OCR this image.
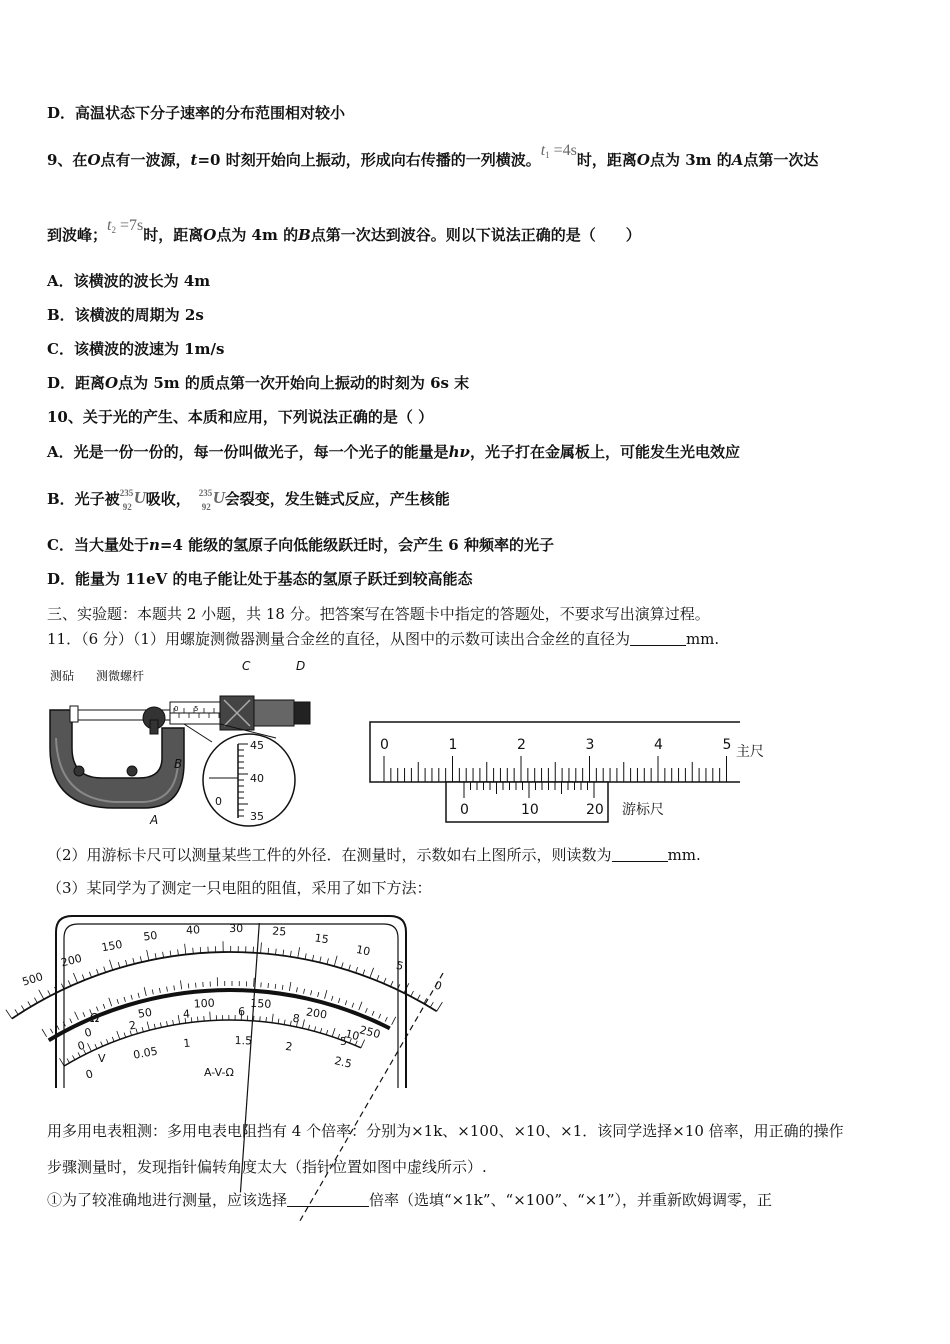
D．高温状态下分子速率的分布范围相对较小
9、在O点有一波源，t=0 时刻开始向上振动，形成向右传播的一列横波。$t_1 =4s$时，距离O点为 3m 的A点第一次达
到波峰；$t_2 =7s$时，距离O点为 4m 的B点第一次达到波谷。则以下说法正确的是（　　）
A．该横波的波长为 4m
B．该横波的周期为 2s
C．该横波的波速为 1m/s
D．距离O点为 5m 的质点第一次开始向上振动的时刻为 6s 末
10、关于光的产生、本质和应用，下列说法正确的是（ ）
A．光是一份一份的，每一份叫做光子，每一个光子的能量是hν，光子打在金属板上，可能发生光电效应
B．光子被 235
92 U 吸收， 235
92 U 会裂变，发生链式反应，产生核能
C．当大量处于n=4 能级的氢原子向低能级跃迁时，会产生 6 种频率的光子
D．能量为 11eV 的电子能让处于基态的氢原子跃迁到较高能态
三、实验题：本题共 2 小题，共 18 分。把答案写在答题卡中指定的答题处，不要求写出演算过程。
11．（6 分）（1）用螺旋测微器测量合金丝的直径，从图中的示数可读出合金丝的直径为	mm.
测砧 测微螺杆
C	D
B
A
0 5
45
40
35
0
0	1	2	3	4	5
0	10	20
主尺
游标尺
（2）用游标卡尺可以测量某些工件的外径．在测量时，示数如右上图所示，则读数为	mm.
（3）某同学为了测定一只电阻的阻值，采用了如下方法：
500
200
150
50	40	30	25
15
10
5
0
0
50
100	150
200
250
0
2
4	6	8
10
0
0.05
1	1.5	2
2.5
Ω
V
5
A-V-Ω
用多用电表粗测：多用电表电阻挡有 4 个倍率：分别为×1k、×100、×10、×1．该同学选择×10 倍率，用正确的操作
步骤测量时，发现指针偏转角度太大（指针位置如图中虚线所示）.
①为了较准确地进行测量，应该选择	倍率（选填“×1k”、“×100”、“×1”），并重新欧姆调零，正
